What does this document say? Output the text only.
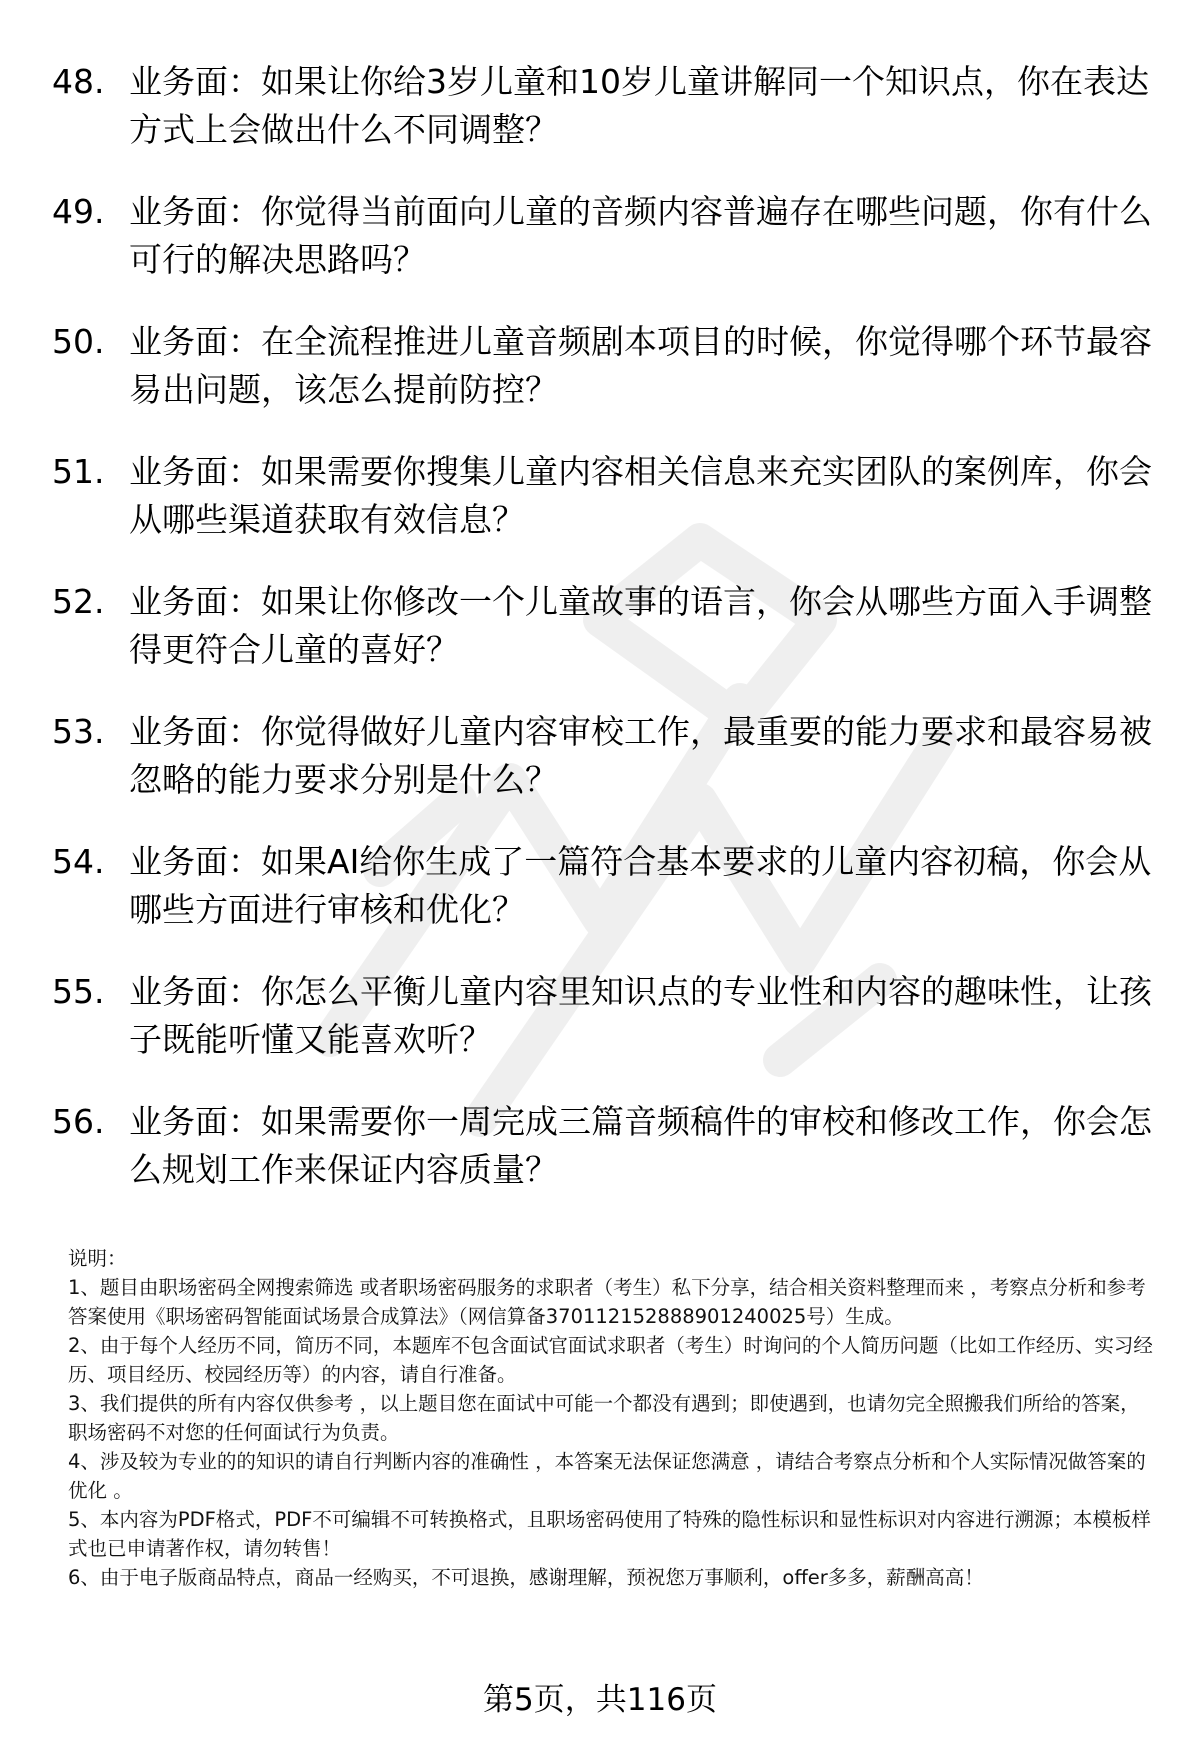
48. 业务面：如果让你给3岁儿童和10岁儿童讲解同一个知识点，你在表达方式上会做出什么不同调整？
49. 业务面：你觉得当前面向儿童的音频内容普遍存在哪些问题，你有什么可行的解决思路吗？
50. 业务面：在全流程推进儿童音频剧本项目的时候，你觉得哪个环节最容易出问题，该怎么提前防控？
51. 业务面：如果需要你搜集儿童内容相关信息来充实团队的案例库，你会从哪些渠道获取有效信息？
52. 业务面：如果让你修改一个儿童故事的语言，你会从哪些方面入手调整得更符合儿童的喜好？
53. 业务面：你觉得做好儿童内容审校工作，最重要的能力要求和最容易被忽略的能力要求分别是什么？
54. 业务面：如果AI给你生成了一篇符合基本要求的儿童内容初稿，你会从哪些方面进行审核和优化？
55. 业务面：你怎么平衡儿童内容里知识点的专业性和内容的趣味性，让孩子既能听懂又能喜欢听？
56. 业务面：如果需要你一周完成三篇音频稿件的审校和修改工作，你会怎么规划工作来保证内容质量？

说明：

1、题目由职场密码全网搜索筛选 或者职场密码服务的求职者（考生）私下分享，结合相关资料整理而来 ，考察点分析和参考答案使用《职场密码智能面试场景合成算法》（网信算备370112152888901240025号）生成。

2、由于每个人经历不同，简历不同，本题库不包含面试官面试求职者（考生）时询问的个人简历问题（比如工作经历、实习经历、项目经历、校园经历等）的内容，请自行准备。

3、我们提供的所有内容仅供参考 ，以上题目您在面试中可能一个都没有遇到；即使遇到，也请勿完全照搬我们所给的答案，职场密码不对您的任何面试行为负责。

4、涉及较为专业的的知识的请自行判断内容的准确性 ，本答案无法保证您满意 ，请结合考察点分析和个人实际情况做答案的优化 。

5、本内容为PDF格式，PDF不可编辑不可转换格式，且职场密码使用了特殊的隐性标识和显性标识对内容进行溯源；本模板样式也已申请著作权，请勿转售！

6、由于电子版商品特点，商品一经购买，不可退换，感谢理解，预祝您万事顺利，offer多多，薪酬高高！

第5页，共116页
